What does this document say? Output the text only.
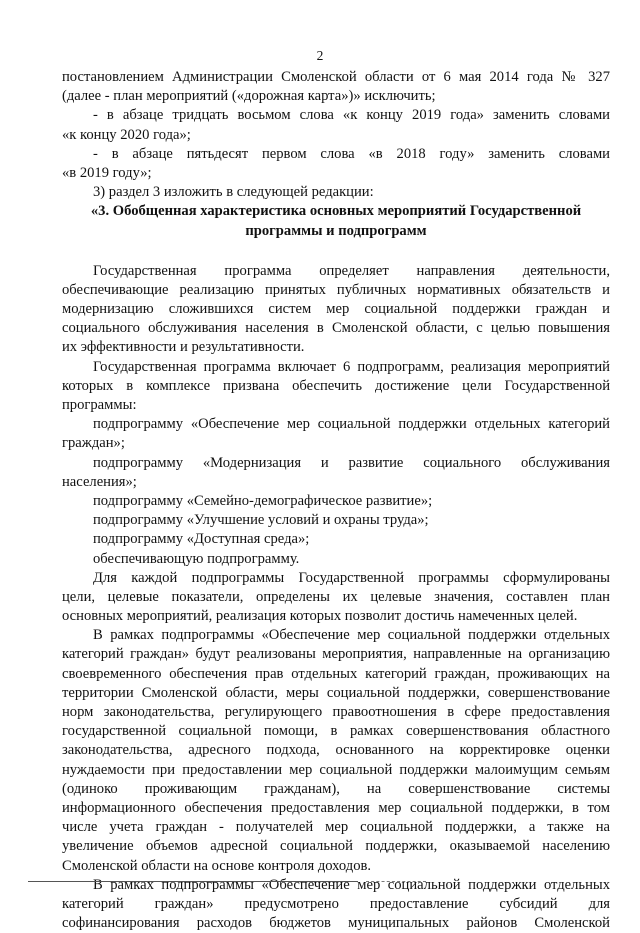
2
постановлением Администрации Смоленской области от 6 мая 2014 года № 327
(далее - план мероприятий («дорожная карта»)» исключить;
- в абзаце тридцать восьмом слова «к концу 2019 года» заменить словами
«к концу 2020 года»;
- в абзаце пятьдесят первом слова «в 2018 году» заменить словами
«в 2019 году»;
3) раздел 3 изложить в следующей редакции:
«3. Обобщенная характеристика основных мероприятий Государственной
программы и подпрограмм
Государственная программа определяет направления деятельности,
обеспечивающие реализацию принятых публичных нормативных обязательств и
модернизацию сложившихся систем мер социальной поддержки граждан и
социального обслуживания населения в Смоленской области, с целью повышения
их эффективности и результативности.
Государственная программа включает 6 подпрограмм, реализация мероприятий
которых в комплексе призвана обеспечить достижение цели Государственной
программы:
подпрограмму «Обеспечение мер социальной поддержки отдельных категорий
граждан»;
подпрограмму «Модернизация и развитие социального обслуживания
населения»;
подпрограмму «Семейно-демографическое развитие»;
подпрограмму «Улучшение условий и охраны труда»;
подпрограмму «Доступная среда»;
обеспечивающую подпрограмму.
Для каждой подпрограммы Государственной программы сформулированы
цели, целевые показатели, определены их целевые значения, составлен план
основных мероприятий, реализация которых позволит достичь намеченных целей.
В рамках подпрограммы «Обеспечение мер социальной поддержки отдельных
категорий граждан» будут реализованы мероприятия, направленные на организацию
своевременного обеспечения прав отдельных категорий граждан, проживающих на
территории Смоленской области, меры социальной поддержки, совершенствование
норм законодательства, регулирующего правоотношения в сфере предоставления
государственной социальной помощи, в рамках совершенствования областного
законодательства, адресного подхода, основанного на корректировке оценки
нуждаемости при предоставлении мер социальной поддержки малоимущим семьям
(одиноко проживающим гражданам), на совершенствование системы
информационного обеспечения предоставления мер социальной поддержки, в том
числе учета граждан - получателей мер социальной поддержки, а также на
увеличение объемов адресной социальной поддержки, оказываемой населению
Смоленской области на основе контроля доходов.
В рамках подпрограммы «Обеспечение мер социальной поддержки отдельных
категорий граждан» предусмотрено предоставление субсидий для
софинансирования расходов бюджетов муниципальных районов Смоленской
